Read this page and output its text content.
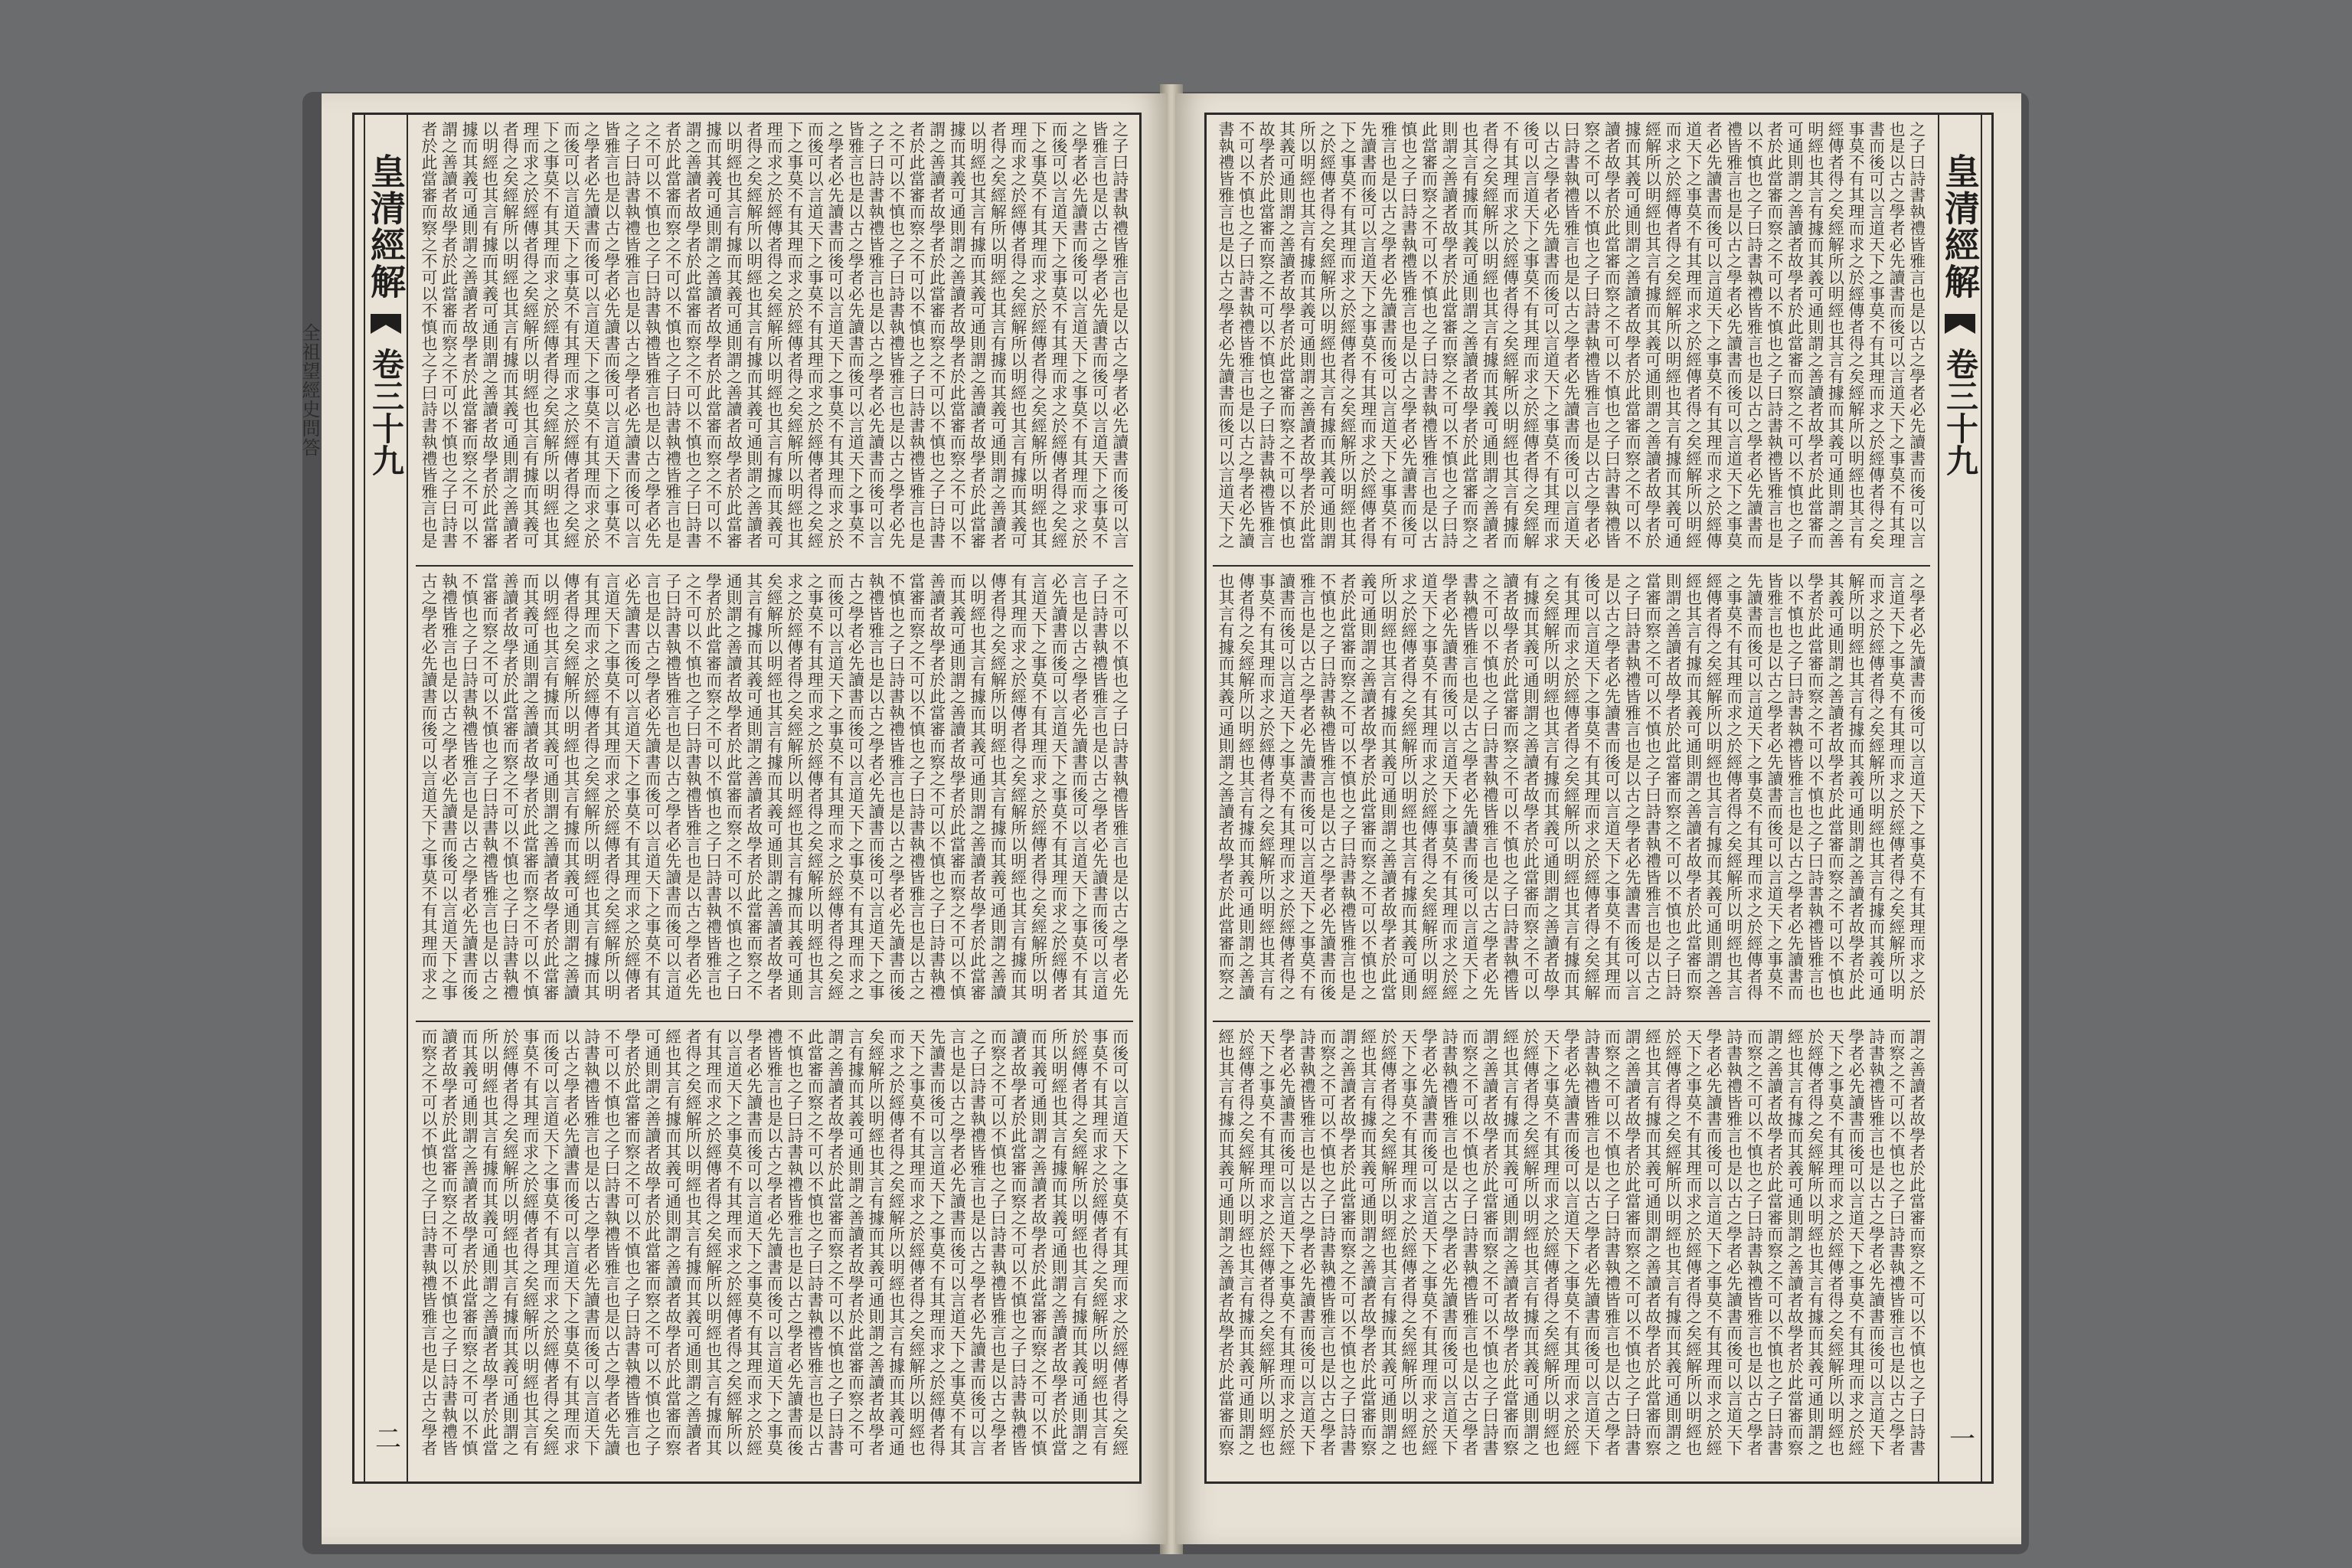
全祖望經史問答
皇清經解
卷三十九
二
之子曰詩書執禮皆雅言也是以古之學者必先讀書而後可以言
皆雅言也是以古之學者必先讀書而後可以言道天下之事莫不
之學者必先讀書而後可以言道天下之事莫不有其理而求之於
而後可以言道天下之事莫不有其理而求之於經傳者得之矣經
下之事莫不有其理而求之於經傳者得之矣經解所以明經也其
理而求之於經傳者得之矣經解所以明經也其言有據而其義可
者得之矣經解所以明經也其言有據而其義可通則謂之善讀者
以明經也其言有據而其義可通則謂之善讀者故學者於此當審
據而其義可通則謂之善讀者故學者於此當審而察之不可以不
謂之善讀者故學者於此當審而察之不可以不慎也之子曰詩書
者於此當審而察之不可以不慎也之子曰詩書執禮皆雅言也是
之不可以不慎也之子曰詩書執禮皆雅言也是以古之學者必先
之子曰詩書執禮皆雅言也是以古之學者必先讀書而後可以言
皆雅言也是以古之學者必先讀書而後可以言道天下之事莫不
之學者必先讀書而後可以言道天下之事莫不有其理而求之於
而後可以言道天下之事莫不有其理而求之於經傳者得之矣經
下之事莫不有其理而求之於經傳者得之矣經解所以明經也其
理而求之於經傳者得之矣經解所以明經也其言有據而其義可
者得之矣經解所以明經也其言有據而其義可通則謂之善讀者
以明經也其言有據而其義可通則謂之善讀者故學者於此當審
據而其義可通則謂之善讀者故學者於此當審而察之不可以不
謂之善讀者故學者於此當審而察之不可以不慎也之子曰詩書
者於此當審而察之不可以不慎也之子曰詩書執禮皆雅言也是
之不可以不慎也之子曰詩書執禮皆雅言也是以古之學者必先
之子曰詩書執禮皆雅言也是以古之學者必先讀書而後可以言
皆雅言也是以古之學者必先讀書而後可以言道天下之事莫不
之學者必先讀書而後可以言道天下之事莫不有其理而求之於
而後可以言道天下之事莫不有其理而求之於經傳者得之矣經
下之事莫不有其理而求之於經傳者得之矣經解所以明經也其
理而求之於經傳者得之矣經解所以明經也其言有據而其義可
者得之矣經解所以明經也其言有據而其義可通則謂之善讀者
以明經也其言有據而其義可通則謂之善讀者故學者於此當審
據而其義可通則謂之善讀者故學者於此當審而察之不可以不
謂之善讀者故學者於此當審而察之不可以不慎也之子曰詩書
者於此當審而察之不可以不慎也之子曰詩書執禮皆雅言也是
之不可以不慎也之子曰詩書執禮皆雅言也是以古之學者必先
子曰詩書執禮皆雅言也是以古之學者必先讀書而後可以言道
言也是以古之學者必先讀書而後可以言道天下之事莫不有其
必先讀書而後可以言道天下之事莫不有其理而求之於經傳者
言道天下之事莫不有其理而求之於經傳者得之矣經解所以明
有其理而求之於經傳者得之矣經解所以明經也其言有據而其
傳者得之矣經解所以明經也其言有據而其義可通則謂之善讀
以明經也其言有據而其義可通則謂之善讀者故學者於此當審
而其義可通則謂之善讀者故學者於此當審而察之不可以不慎
善讀者故學者於此當審而察之不可以不慎也之子曰詩書執禮
當審而察之不可以不慎也之子曰詩書執禮皆雅言也是以古之
不慎也之子曰詩書執禮皆雅言也是以古之學者必先讀書而後
執禮皆雅言也是以古之學者必先讀書而後可以言道天下之事
古之學者必先讀書而後可以言道天下之事莫不有其理而求之
而後可以言道天下之事莫不有其理而求之於經傳者得之矣經
之事莫不有其理而求之於經傳者得之矣經解所以明經也其言
求之於經傳者得之矣經解所以明經也其言有據而其義可通則
矣經解所以明經也其言有據而其義可通則謂之善讀者故學者
其言有據而其義可通則謂之善讀者故學者於此當審而察之不
通則謂之善讀者故學者於此當審而察之不可以不慎也之子曰
學者於此當審而察之不可以不慎也之子曰詩書執禮皆雅言也
之不可以不慎也之子曰詩書執禮皆雅言也是以古之學者必先
子曰詩書執禮皆雅言也是以古之學者必先讀書而後可以言道
言也是以古之學者必先讀書而後可以言道天下之事莫不有其
必先讀書而後可以言道天下之事莫不有其理而求之於經傳者
言道天下之事莫不有其理而求之於經傳者得之矣經解所以明
有其理而求之於經傳者得之矣經解所以明經也其言有據而其
傳者得之矣經解所以明經也其言有據而其義可通則謂之善讀
以明經也其言有據而其義可通則謂之善讀者故學者於此當審
而其義可通則謂之善讀者故學者於此當審而察之不可以不慎
善讀者故學者於此當審而察之不可以不慎也之子曰詩書執禮
當審而察之不可以不慎也之子曰詩書執禮皆雅言也是以古之
不慎也之子曰詩書執禮皆雅言也是以古之學者必先讀書而後
執禮皆雅言也是以古之學者必先讀書而後可以言道天下之事
古之學者必先讀書而後可以言道天下之事莫不有其理而求之
而後可以言道天下之事莫不有其理而求之於經傳者得之矣經
事莫不有其理而求之於經傳者得之矣經解所以明經也其言有
於經傳者得之矣經解所以明經也其言有據而其義可通則謂之
所以明經也其言有據而其義可通則謂之善讀者故學者於此當
而其義可通則謂之善讀者故學者於此當審而察之不可以不慎
讀者故學者於此當審而察之不可以不慎也之子曰詩書執禮皆
而察之不可以不慎也之子曰詩書執禮皆雅言也是以古之學者
之子曰詩書執禮皆雅言也是以古之學者必先讀書而後可以言
言也是以古之學者必先讀書而後可以言道天下之事莫不有其
先讀書而後可以言道天下之事莫不有其理而求之於經傳者得
天下之事莫不有其理而求之於經傳者得之矣經解所以明經也
而求之於經傳者得之矣經解所以明經也其言有據而其義可通
矣經解所以明經也其言有據而其義可通則謂之善讀者故學者
言有據而其義可通則謂之善讀者故學者於此當審而察之不可
謂之善讀者故學者於此當審而察之不可以不慎也之子曰詩書
此當審而察之不可以不慎也之子曰詩書執禮皆雅言也是以古
不慎也之子曰詩書執禮皆雅言也是以古之學者必先讀書而後
禮皆雅言也是以古之學者必先讀書而後可以言道天下之事莫
學者必先讀書而後可以言道天下之事莫不有其理而求之於經
以言道天下之事莫不有其理而求之於經傳者得之矣經解所以
有其理而求之於經傳者得之矣經解所以明經也其言有據而其
者得之矣經解所以明經也其言有據而其義可通則謂之善讀者
經也其言有據而其義可通則謂之善讀者故學者於此當審而察
可通則謂之善讀者故學者於此當審而察之不可以不慎也之子
學者於此當審而察之不可以不慎也之子曰詩書執禮皆雅言也
不可以不慎也之子曰詩書執禮皆雅言也是以古之學者必先讀
詩書執禮皆雅言也是以古之學者必先讀書而後可以言道天下
以古之學者必先讀書而後可以言道天下之事莫不有其理而求
而後可以言道天下之事莫不有其理而求之於經傳者得之矣經
事莫不有其理而求之於經傳者得之矣經解所以明經也其言有
於經傳者得之矣經解所以明經也其言有據而其義可通則謂之
所以明經也其言有據而其義可通則謂之善讀者故學者於此當
而其義可通則謂之善讀者故學者於此當審而察之不可以不慎
讀者故學者於此當審而察之不可以不慎也之子曰詩書執禮皆
而察之不可以不慎也之子曰詩書執禮皆雅言也是以古之學者
皇清經解
卷三十九
一
之子曰詩書執禮皆雅言也是以古之學者必先讀書而後可以言
也是以古之學者必先讀書而後可以言道天下之事莫不有其理
書而後可以言道天下之事莫不有其理而求之於經傳者得之矣
事莫不有其理而求之於經傳者得之矣經解所以明經也其言有
經傳者得之矣經解所以明經也其言有據而其義可通則謂之善
明經也其言有據而其義可通則謂之善讀者故學者於此當審而
可通則謂之善讀者故學者於此當審而察之不可以不慎也之子
者於此當審而察之不可以不慎也之子曰詩書執禮皆雅言也是
以不慎也之子曰詩書執禮皆雅言也是以古之學者必先讀書而
禮皆雅言也是以古之學者必先讀書而後可以言道天下之事莫
者必先讀書而後可以言道天下之事莫不有其理而求之於經傳
道天下之事莫不有其理而求之於經傳者得之矣經解所以明經
而求之於經傳者得之矣經解所以明經也其言有據而其義可通
經解所以明經也其言有據而其義可通則謂之善讀者故學者於
據而其義可通則謂之善讀者故學者於此當審而察之不可以不
讀者故學者於此當審而察之不可以不慎也之子曰詩書執禮皆
察之不可以不慎也之子曰詩書執禮皆雅言也是以古之學者必
曰詩書執禮皆雅言也是以古之學者必先讀書而後可以言道天
以古之學者必先讀書而後可以言道天下之事莫不有其理而求
後可以言道天下之事莫不有其理而求之於經傳者得之矣經解
不有其理而求之於經傳者得之矣經解所以明經也其言有據而
者得之矣經解所以明經也其言有據而其義可通則謂之善讀者
也其言有據而其義可通則謂之善讀者故學者於此當審而察之
則謂之善讀者故學者於此當審而察之不可以不慎也之子曰詩
此當審而察之不可以不慎也之子曰詩書執禮皆雅言也是以古
慎也之子曰詩書執禮皆雅言也是以古之學者必先讀書而後可
雅言也是以古之學者必先讀書而後可以言道天下之事莫不有
先讀書而後可以言道天下之事莫不有其理而求之於經傳者得
下之事莫不有其理而求之於經傳者得之矣經解所以明經也其
之於經傳者得之矣經解所以明經也其言有據而其義可通則謂
所以明經也其言有據而其義可通則謂之善讀者故學者於此當
其義可通則謂之善讀者故學者於此當審而察之不可以不慎也
故學者於此當審而察之不可以不慎也之子曰詩書執禮皆雅言
不可以不慎也之子曰詩書執禮皆雅言也是以古之學者必先讀
書執禮皆雅言也是以古之學者必先讀書而後可以言道天下之
之學者必先讀書而後可以言道天下之事莫不有其理而求之於
言道天下之事莫不有其理而求之於經傳者得之矣經解所以明
而求之於經傳者得之矣經解所以明經也其言有據而其義可通
解所以明經也其言有據而其義可通則謂之善讀者故學者於此
其義可通則謂之善讀者故學者於此當審而察之不可以不慎也
學者於此當審而察之不可以不慎也之子曰詩書執禮皆雅言也
以不慎也之子曰詩書執禮皆雅言也是以古之學者必先讀書而
皆雅言也是以古之學者必先讀書而後可以言道天下之事莫不
先讀書而後可以言道天下之事莫不有其理而求之於經傳者得
之事莫不有其理而求之於經傳者得之矣經解所以明經也其言
經傳者得之矣經解所以明經也其言有據而其義可通則謂之善
經也其言有據而其義可通則謂之善讀者故學者於此當審而察
則謂之善讀者故學者於此當審而察之不可以不慎也之子曰詩
當審而察之不可以不慎也之子曰詩書執禮皆雅言也是以古之
之子曰詩書執禮皆雅言也是以古之學者必先讀書而後可以言
是以古之學者必先讀書而後可以言道天下之事莫不有其理而
後可以言道天下之事莫不有其理而求之於經傳者得之矣經解
有其理而求之於經傳者得之矣經解所以明經也其言有據而其
之矣經解所以明經也其言有據而其義可通則謂之善讀者故學
有據而其義可通則謂之善讀者故學者於此當審而察之不可以
讀者故學者於此當審而察之不可以不慎也之子曰詩書執禮皆
之不可以不慎也之子曰詩書執禮皆雅言也是以古之學者必先
書執禮皆雅言也是以古之學者必先讀書而後可以言道天下之
學者必先讀書而後可以言道天下之事莫不有其理而求之於經
道天下之事莫不有其理而求之於經傳者得之矣經解所以明經
求之於經傳者得之矣經解所以明經也其言有據而其義可通則
所以明經也其言有據而其義可通則謂之善讀者故學者於此當
義可通則謂之善讀者故學者於此當審而察之不可以不慎也之
者於此當審而察之不可以不慎也之子曰詩書執禮皆雅言也是
不慎也之子曰詩書執禮皆雅言也是以古之學者必先讀書而後
雅言也是以古之學者必先讀書而後可以言道天下之事莫不有
讀書而後可以言道天下之事莫不有其理而求之於經傳者得之
事莫不有其理而求之於經傳者得之矣經解所以明經也其言有
傳者得之矣經解所以明經也其言有據而其義可通則謂之善讀
也其言有據而其義可通則謂之善讀者故學者於此當審而察之
謂之善讀者故學者於此當審而察之不可以不慎也之子曰詩書
而察之不可以不慎也之子曰詩書執禮皆雅言也是以古之學者
詩書執禮皆雅言也是以古之學者必先讀書而後可以言道天下
學者必先讀書而後可以言道天下之事莫不有其理而求之於經
天下之事莫不有其理而求之於經傳者得之矣經解所以明經也
於經傳者得之矣經解所以明經也其言有據而其義可通則謂之
經也其言有據而其義可通則謂之善讀者故學者於此當審而察
謂之善讀者故學者於此當審而察之不可以不慎也之子曰詩書
而察之不可以不慎也之子曰詩書執禮皆雅言也是以古之學者
詩書執禮皆雅言也是以古之學者必先讀書而後可以言道天下
學者必先讀書而後可以言道天下之事莫不有其理而求之於經
天下之事莫不有其理而求之於經傳者得之矣經解所以明經也
於經傳者得之矣經解所以明經也其言有據而其義可通則謂之
經也其言有據而其義可通則謂之善讀者故學者於此當審而察
謂之善讀者故學者於此當審而察之不可以不慎也之子曰詩書
而察之不可以不慎也之子曰詩書執禮皆雅言也是以古之學者
詩書執禮皆雅言也是以古之學者必先讀書而後可以言道天下
學者必先讀書而後可以言道天下之事莫不有其理而求之於經
天下之事莫不有其理而求之於經傳者得之矣經解所以明經也
於經傳者得之矣經解所以明經也其言有據而其義可通則謂之
經也其言有據而其義可通則謂之善讀者故學者於此當審而察
謂之善讀者故學者於此當審而察之不可以不慎也之子曰詩書
而察之不可以不慎也之子曰詩書執禮皆雅言也是以古之學者
詩書執禮皆雅言也是以古之學者必先讀書而後可以言道天下
學者必先讀書而後可以言道天下之事莫不有其理而求之於經
天下之事莫不有其理而求之於經傳者得之矣經解所以明經也
於經傳者得之矣經解所以明經也其言有據而其義可通則謂之
經也其言有據而其義可通則謂之善讀者故學者於此當審而察
謂之善讀者故學者於此當審而察之不可以不慎也之子曰詩書
而察之不可以不慎也之子曰詩書執禮皆雅言也是以古之學者
詩書執禮皆雅言也是以古之學者必先讀書而後可以言道天下
學者必先讀書而後可以言道天下之事莫不有其理而求之於經
天下之事莫不有其理而求之於經傳者得之矣經解所以明經也
於經傳者得之矣經解所以明經也其言有據而其義可通則謂之
經也其言有據而其義可通則謂之善讀者故學者於此當審而察
